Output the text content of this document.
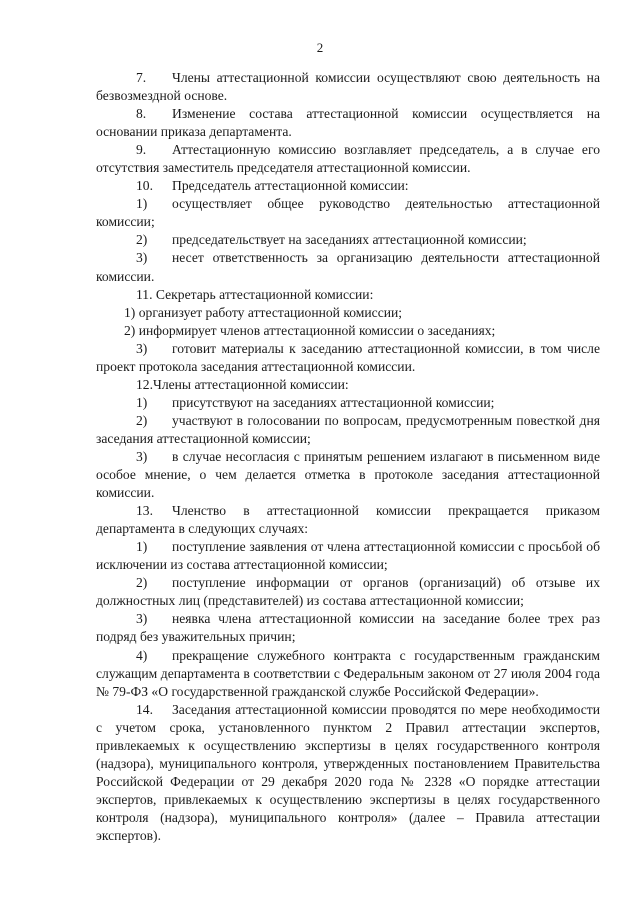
2

7. Члены аттестационной комиссии осуществляют свою деятельность на безвозмездной основе.

8. Изменение состава аттестационной комиссии осуществляется на основании приказа департамента.

9. Аттестационную комиссию возглавляет председатель, а в случае его отсутствия заместитель председателя аттестационной комиссии.

10. Председатель аттестационной комиссии:

1) осуществляет общее руководство деятельностью аттестационной комиссии;

2) председательствует на заседаниях аттестационной комиссии;

3) несет ответственность за организацию деятельности аттестационной комиссии.

11. Секретарь аттестационной комиссии:

1) организует работу аттестационной комиссии;

2) информирует членов аттестационной комиссии о заседаниях;

3) готовит материалы к заседанию аттестационной комиссии, в том числе проект протокола заседания аттестационной комиссии.

12.Члены аттестационной комиссии:

1) присутствуют на заседаниях аттестационной комиссии;

2) участвуют в голосовании по вопросам, предусмотренным повесткой дня заседания аттестационной комиссии;

3) в случае несогласия с принятым решением излагают в письменном виде особое мнение, о чем делается отметка в протоколе заседания аттестационной комиссии.

13. Членство в аттестационной комиссии прекращается приказом департамента в следующих случаях:

1) поступление заявления от члена аттестационной комиссии с просьбой об исключении из состава аттестационной комиссии;

2) поступление информации от органов (организаций) об отзыве их должностных лиц (представителей) из состава аттестационной комиссии;

3) неявка члена аттестационной комиссии на заседание более трех раз подряд без уважительных причин;

4) прекращение служебного контракта с государственным гражданским служащим департамента в соответствии с Федеральным законом от 27 июля 2004 года № 79-ФЗ «О государственной гражданской службе Российской Федерации».

14. Заседания аттестационной комиссии проводятся по мере необходимости с учетом срока, установленного пунктом 2 Правил аттестации экспертов, привлекаемых к осуществлению экспертизы в целях государственного контроля (надзора), муниципального контроля, утвержденных постановлением Правительства Российской Федерации от 29 декабря 2020 года № 2328 «О порядке аттестации экспертов, привлекаемых к осуществлению экспертизы в целях государственного контроля (надзора), муниципального контроля» (далее – Правила аттестации экспертов).
